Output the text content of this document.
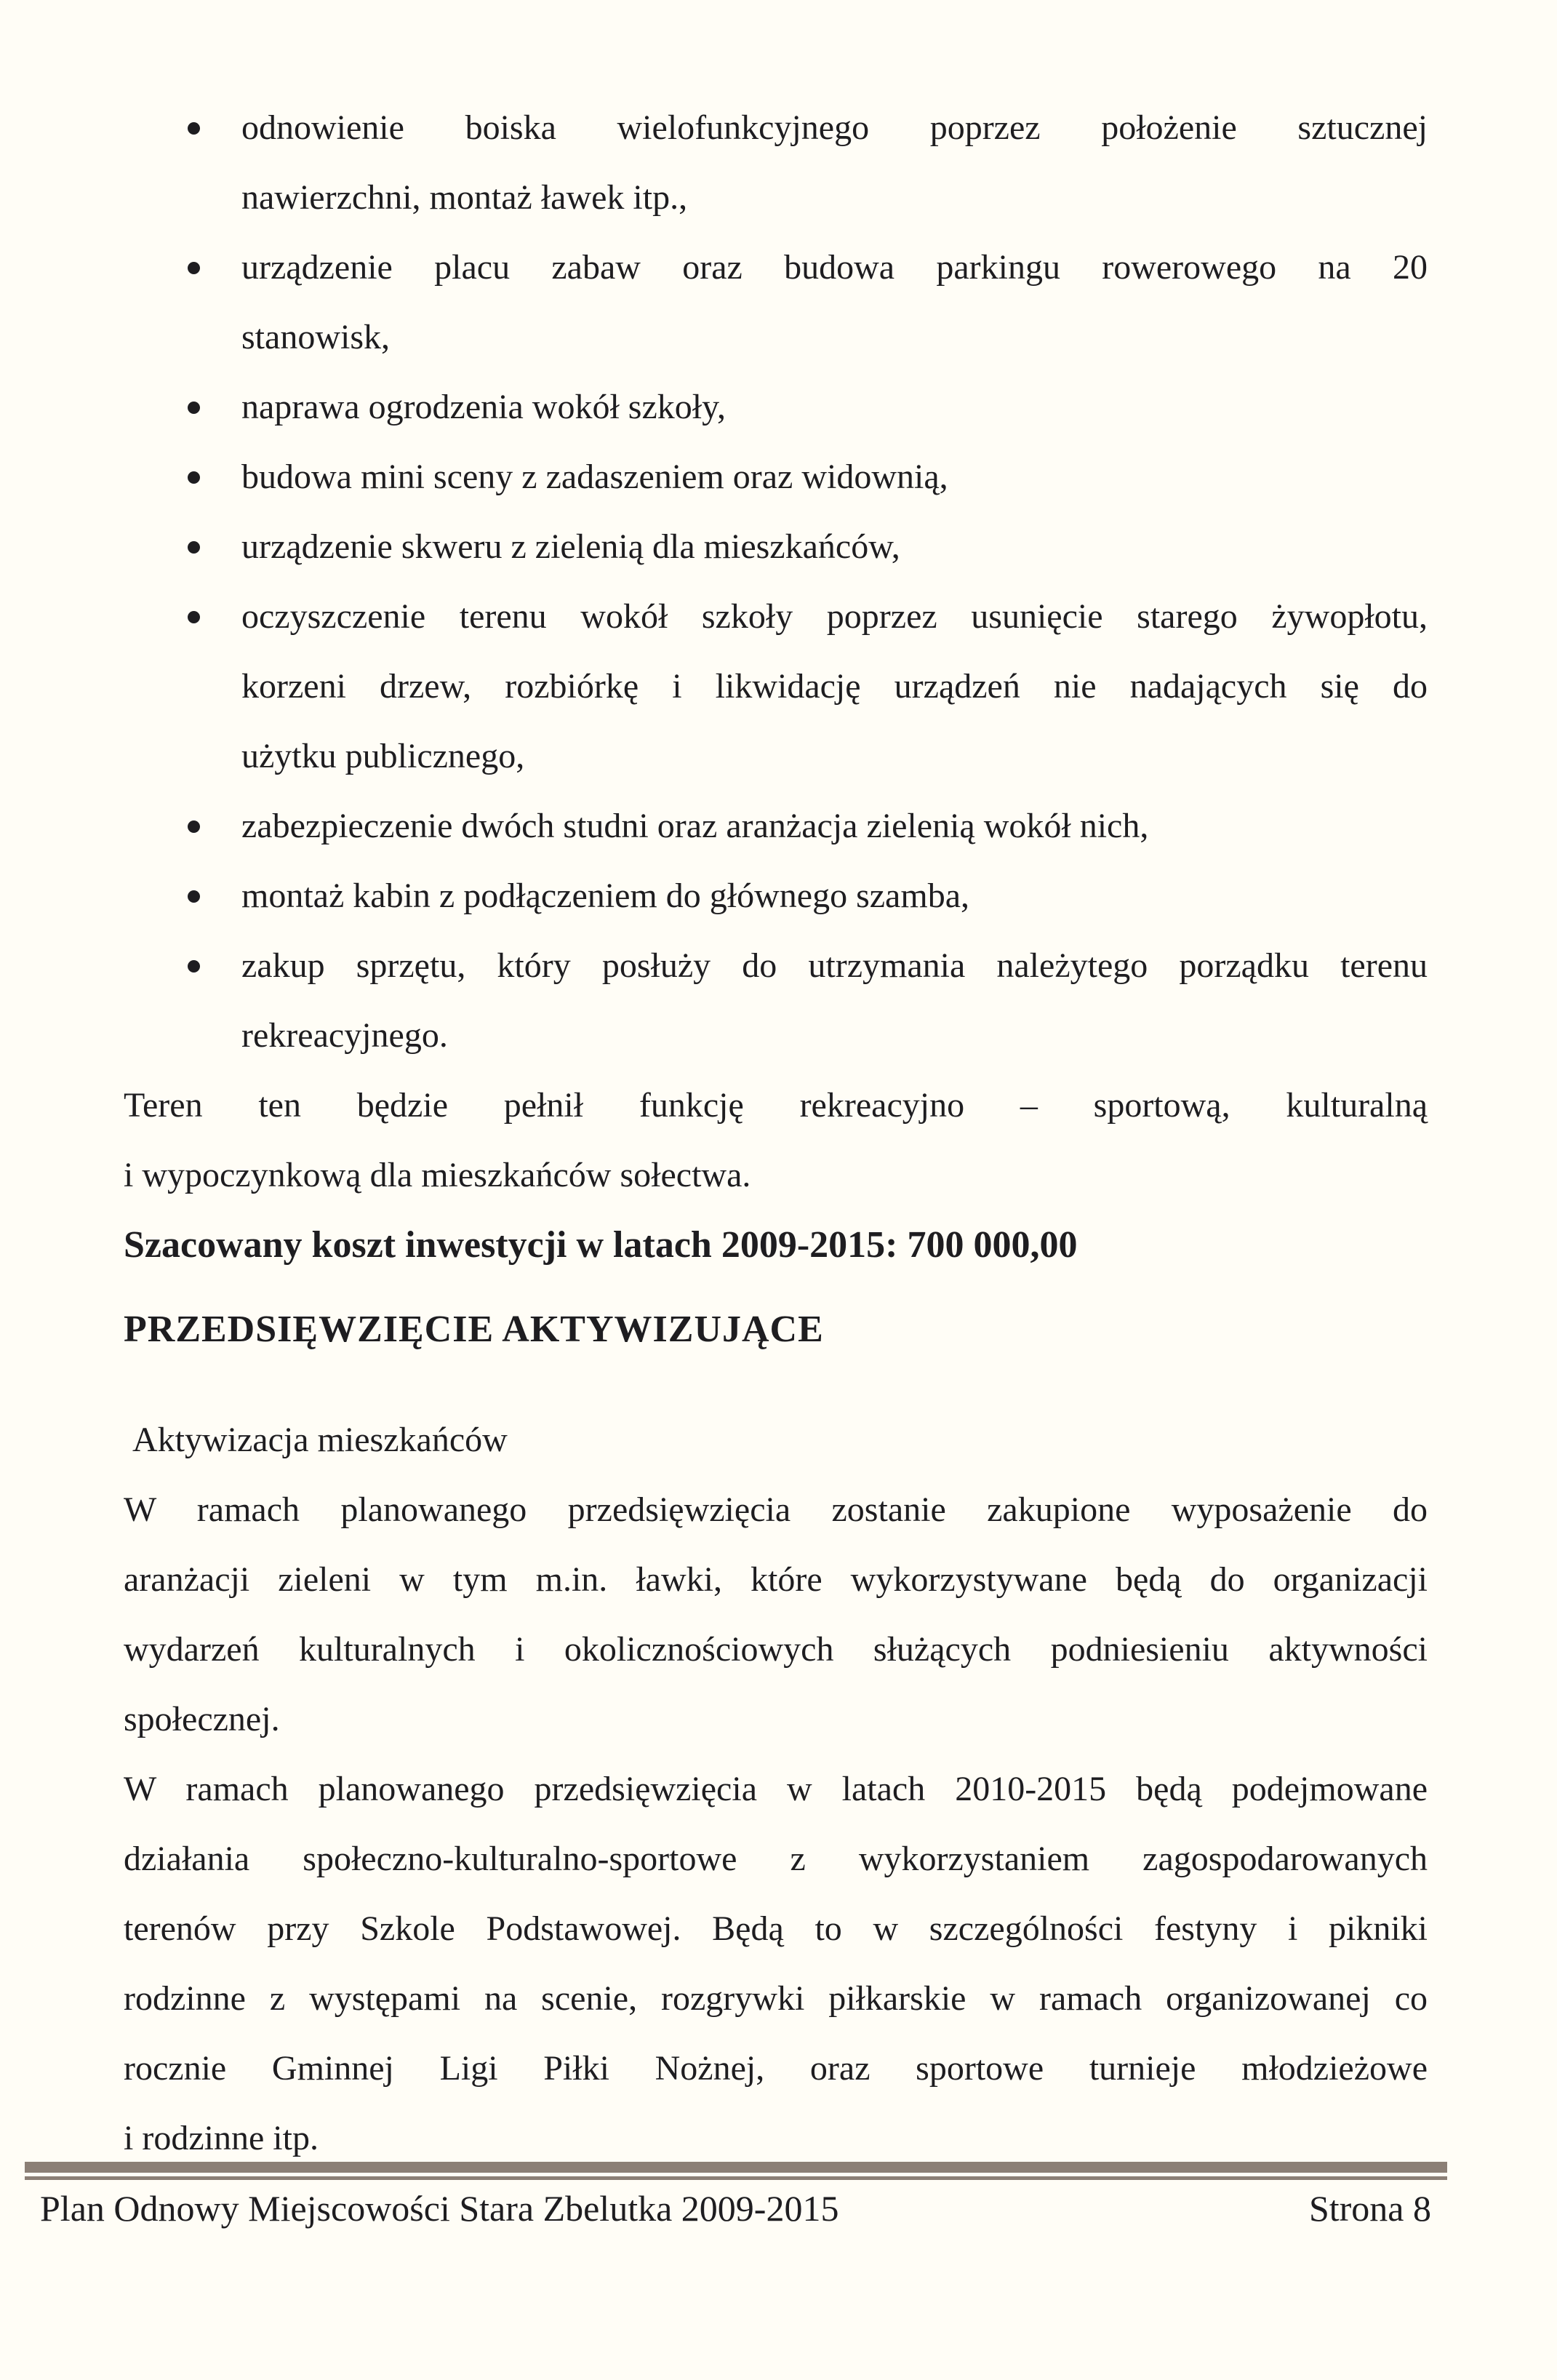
odnowienie boiska wielofunkcyjnego poprzez położenie sztucznej
nawierzchni, montaż ławek itp.,
urządzenie placu zabaw oraz budowa parkingu rowerowego na 20
stanowisk,
naprawa ogrodzenia wokół szkoły,
budowa mini sceny z zadaszeniem oraz widownią,
urządzenie skweru z zielenią dla mieszkańców,
oczyszczenie terenu wokół szkoły poprzez usunięcie starego żywopłotu,
korzeni drzew, rozbiórkę i likwidację urządzeń nie nadających się do
użytku publicznego,
zabezpieczenie dwóch studni oraz aranżacja zielenią wokół nich,
montaż kabin z podłączeniem do głównego szamba,
zakup sprzętu, który posłuży do utrzymania należytego porządku terenu
rekreacyjnego.
Teren ten będzie pełnił funkcję rekreacyjno – sportową, kulturalną
i wypoczynkową dla mieszkańców sołectwa.
Szacowany koszt inwestycji w latach 2009-2015: 700 000,00
PRZEDSIĘWZIĘCIE AKTYWIZUJĄCE
Aktywizacja mieszkańców
W ramach planowanego przedsięwzięcia zostanie zakupione wyposażenie do
aranżacji zieleni w tym m.in. ławki, które wykorzystywane będą do organizacji
wydarzeń kulturalnych i okolicznościowych służących podniesieniu aktywności
społecznej.
W ramach planowanego przedsięwzięcia w latach 2010-2015 będą podejmowane
działania społeczno-kulturalno-sportowe z wykorzystaniem zagospodarowanych
terenów przy Szkole Podstawowej. Będą to w szczególności festyny i pikniki
rodzinne z występami na scenie, rozgrywki piłkarskie w ramach organizowanej co
rocznie Gminnej Ligi Piłki Nożnej, oraz sportowe turnieje młodzieżowe
i rodzinne itp.
Plan Odnowy Miejscowości Stara Zbelutka 2009-2015	Strona 8
